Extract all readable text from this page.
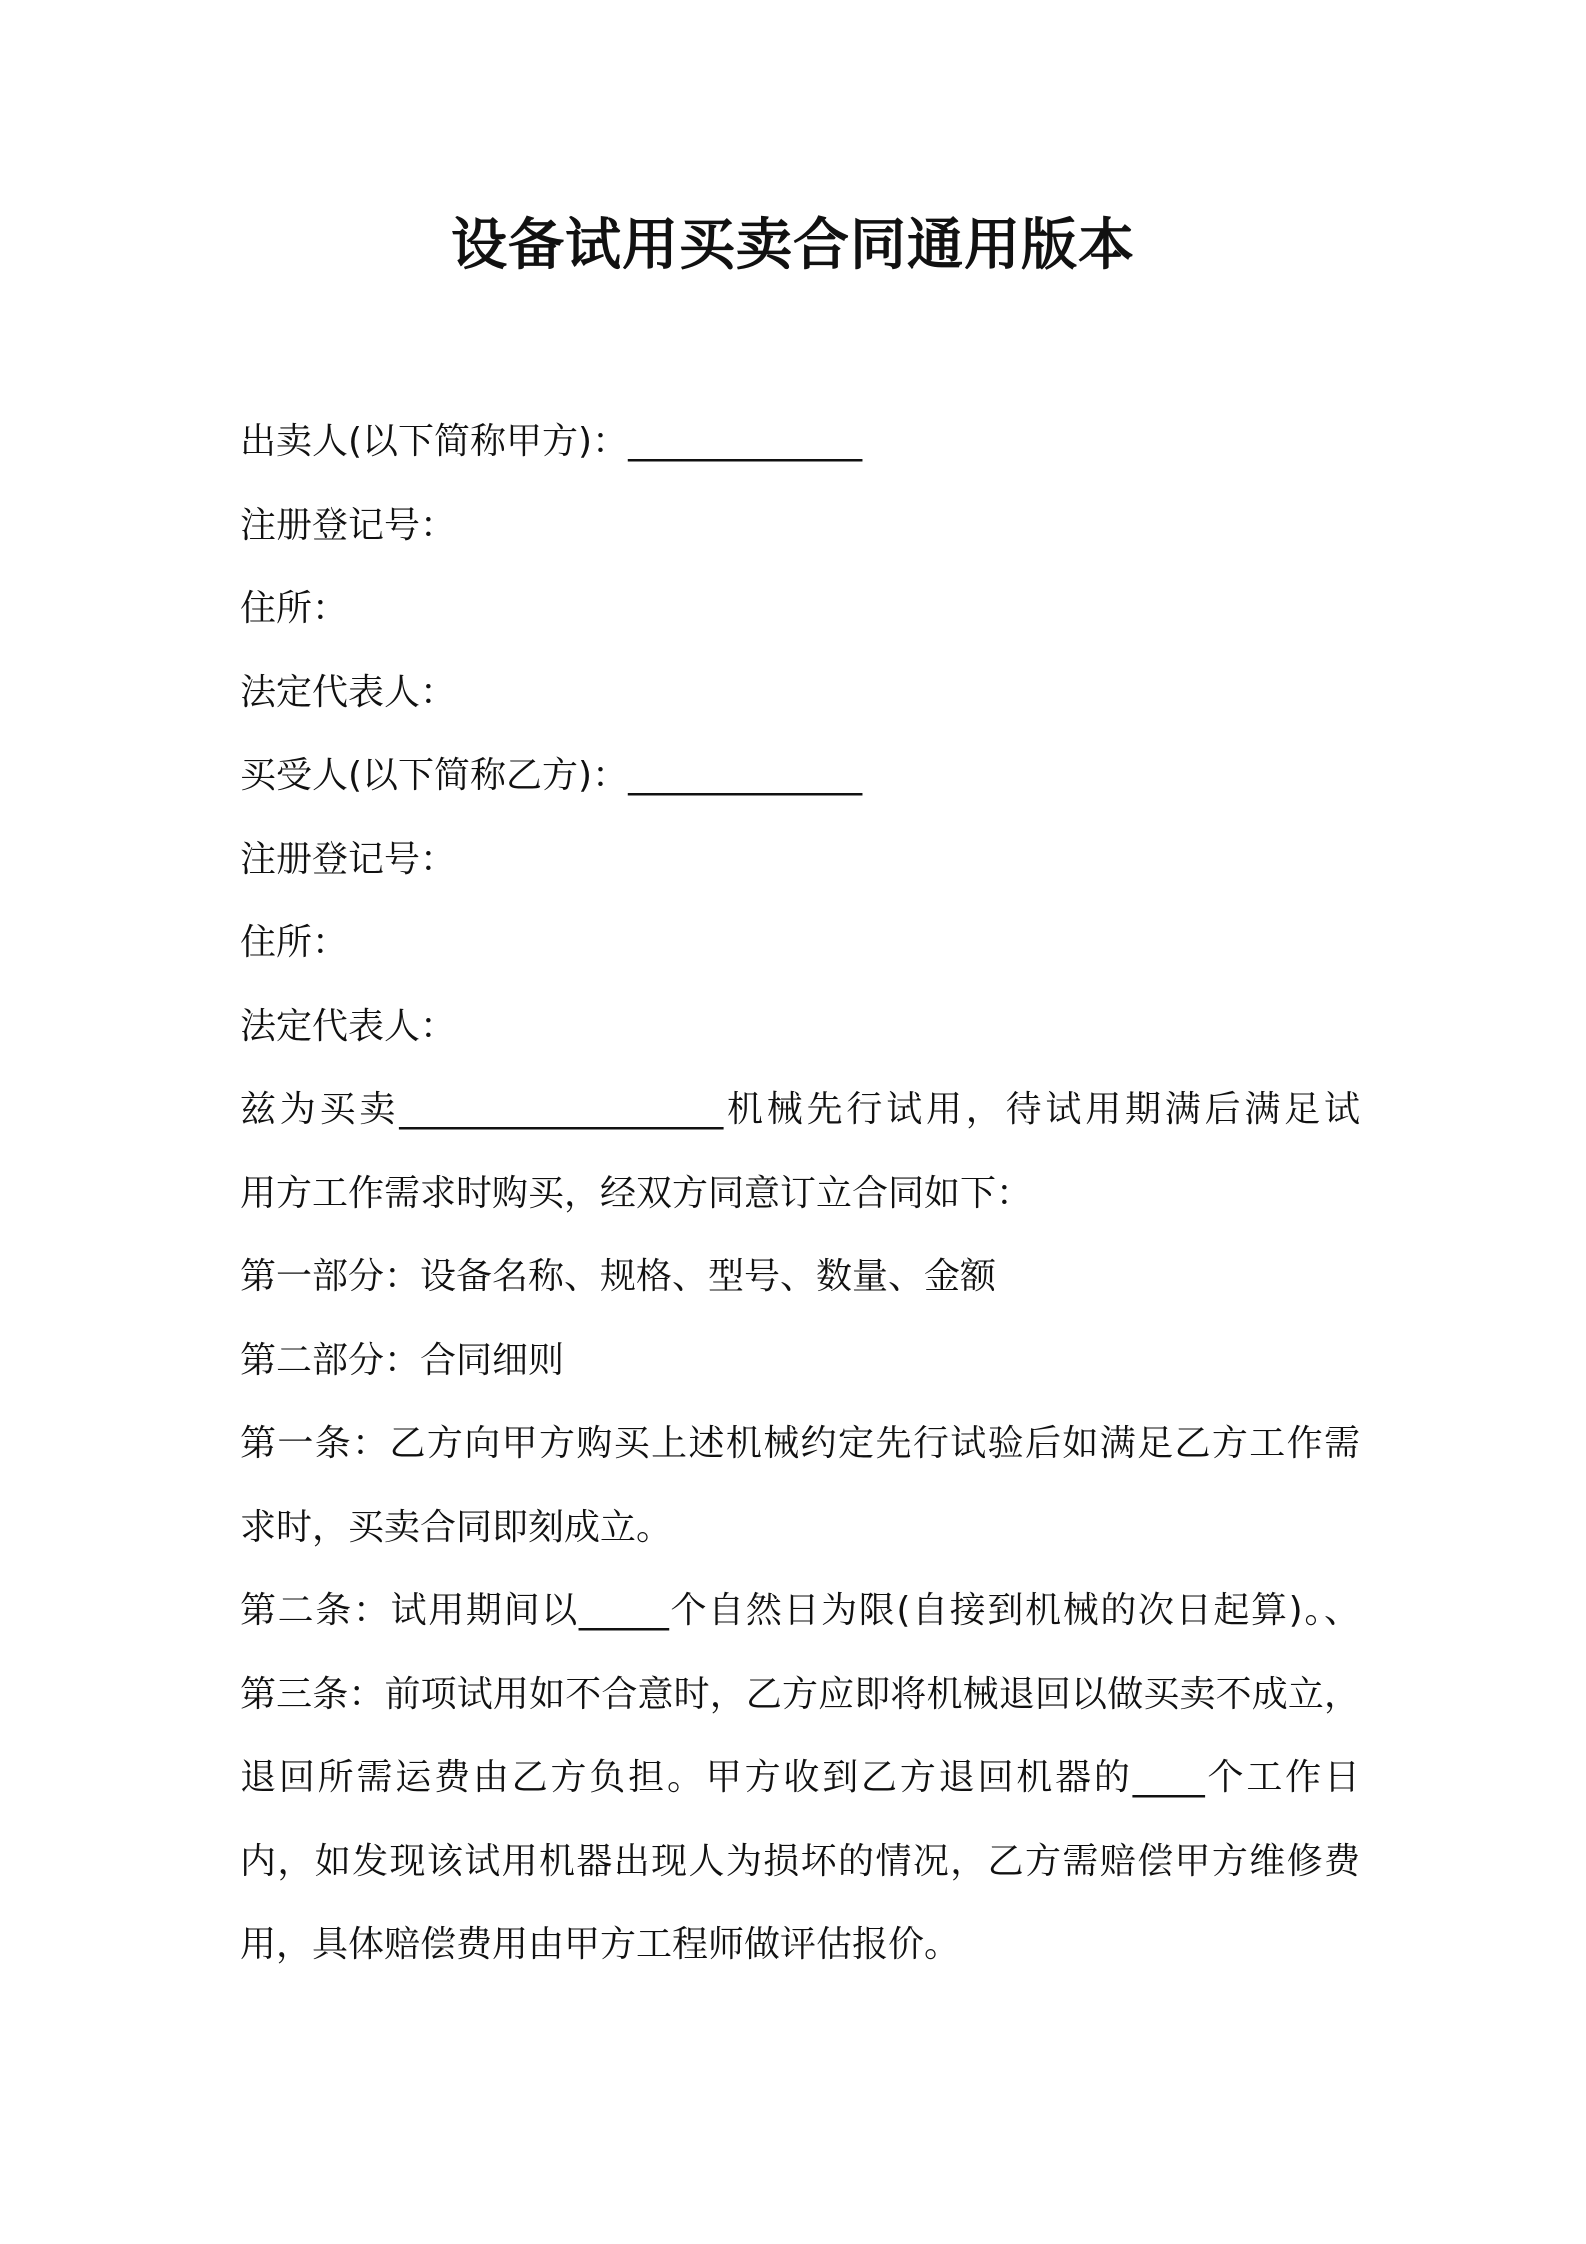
设备试用买卖合同通用版本

出卖人(以下简称甲方)：_____________

注册登记号：

住所：

法定代表人：

买受人(以下简称乙方)：_____________

注册登记号：

住所：

法定代表人：

兹为买卖__________________机械先行试用，待试用期满后满足试

用方工作需求时购买，经双方同意订立合同如下：

第一部分：设备名称、规格、型号、数量、金额

第二部分：合同细则

第一条：乙方向甲方购买上述机械约定先行试验后如满足乙方工作需

求时，买卖合同即刻成立。

第二条：试用期间以_____个自然日为限(自接到机械的次日起算)。、

第三条：前项试用如不合意时，乙方应即将机械退回以做买卖不成立，

退回所需运费由乙方负担。甲方收到乙方退回机器的____个工作日

内，如发现该试用机器出现人为损坏的情况，乙方需赔偿甲方维修费

用，具体赔偿费用由甲方工程师做评估报价。
